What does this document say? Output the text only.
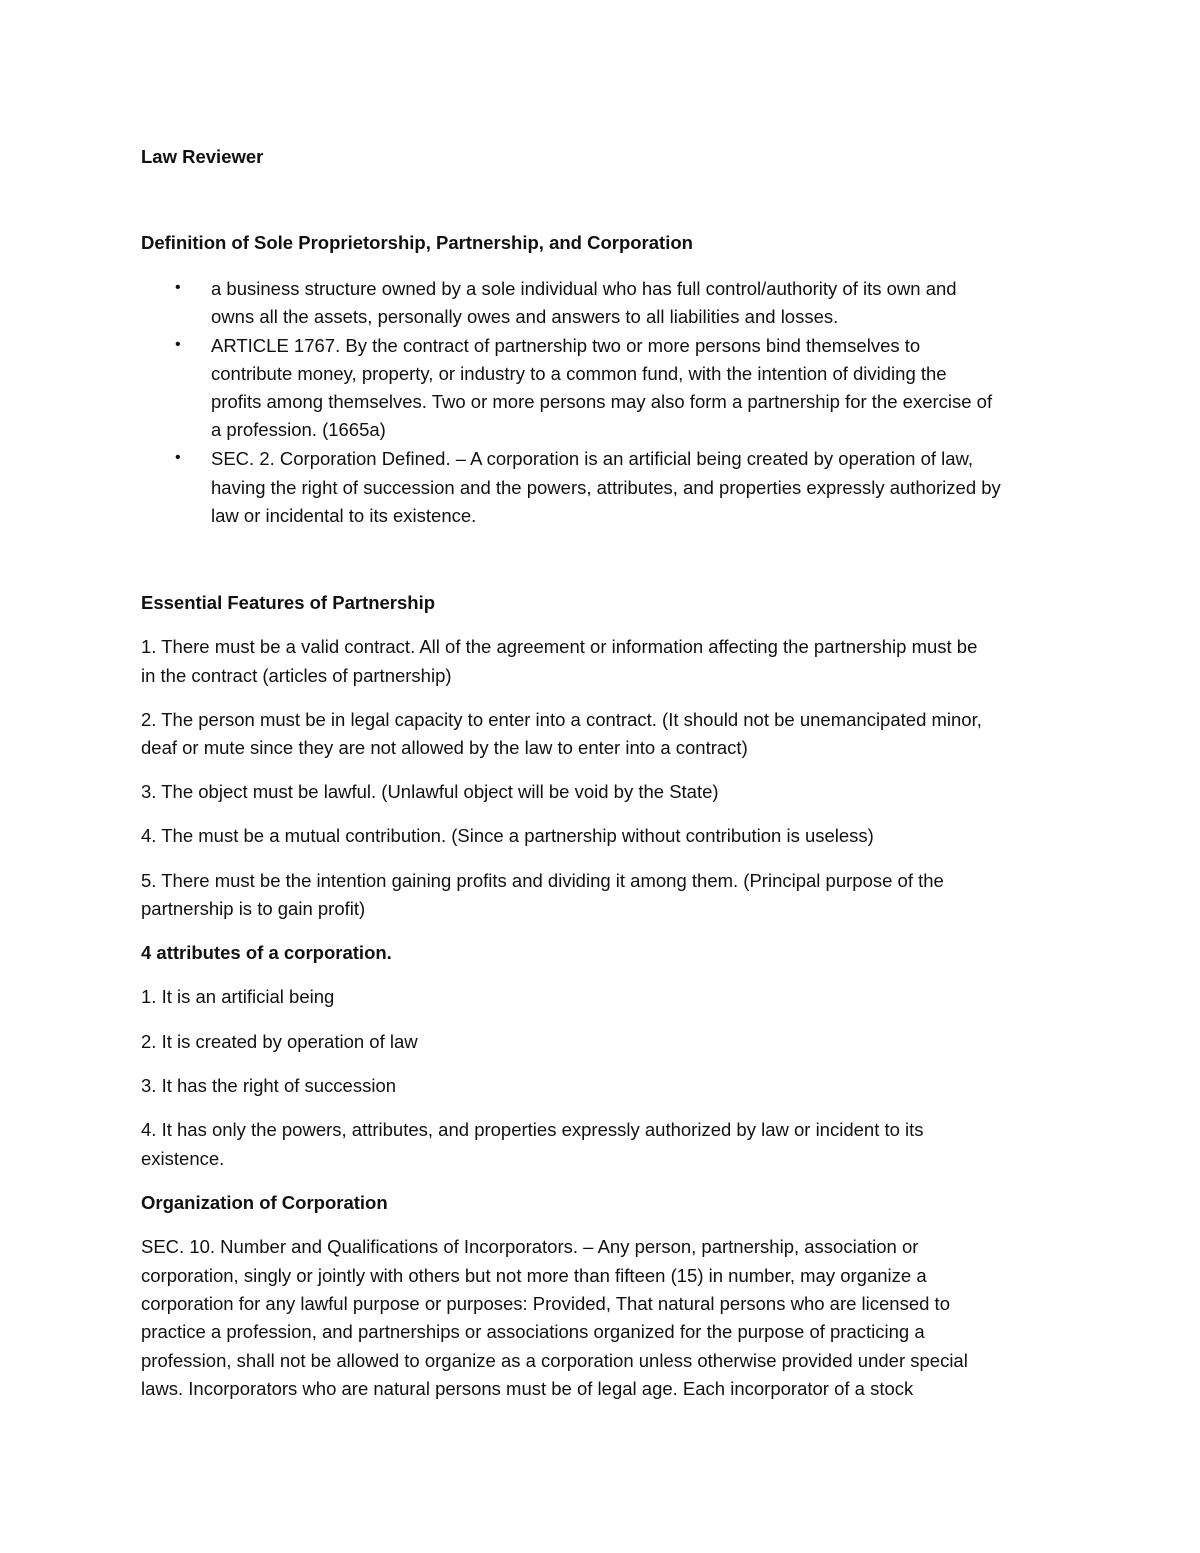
Law Reviewer

Definition of Sole Proprietorship, Partnership, and Corporation

• a business structure owned by a sole individual who has full control/authority of its own and

owns all the assets, personally owes and answers to all liabilities and losses.

• ARTICLE 1767. By the contract of partnership two or more persons bind themselves to

contribute money, property, or industry to a common fund, with the intention of dividing the

profits among themselves. Two or more persons may also form a partnership for the exercise of

a profession. (1665a)

• SEC. 2. Corporation Defined. – A corporation is an artificial being created by operation of law,

having the right of succession and the powers, attributes, and properties expressly authorized by

law or incidental to its existence.

Essential Features of Partnership

1. There must be a valid contract. All of the agreement or information affecting the partnership must be

in the contract (articles of partnership)

2. The person must be in legal capacity to enter into a contract. (It should not be unemancipated minor,

deaf or mute since they are not allowed by the law to enter into a contract)

3. The object must be lawful. (Unlawful object will be void by the State)

4. The must be a mutual contribution. (Since a partnership without contribution is useless)

5. There must be the intention gaining profits and dividing it among them. (Principal purpose of the

partnership is to gain profit)

4 attributes of a corporation.

1. It is an artificial being

2. It is created by operation of law

3. It has the right of succession

4. It has only the powers, attributes, and properties expressly authorized by law or incident to its

existence.

Organization of Corporation

SEC. 10. Number and Qualifications of Incorporators. – Any person, partnership, association or

corporation, singly or jointly with others but not more than fifteen (15) in number, may organize a

corporation for any lawful purpose or purposes: Provided, That natural persons who are licensed to

practice a profession, and partnerships or associations organized for the purpose of practicing a

profession, shall not be allowed to organize as a corporation unless otherwise provided under special

laws. Incorporators who are natural persons must be of legal age. Each incorporator of a stock
